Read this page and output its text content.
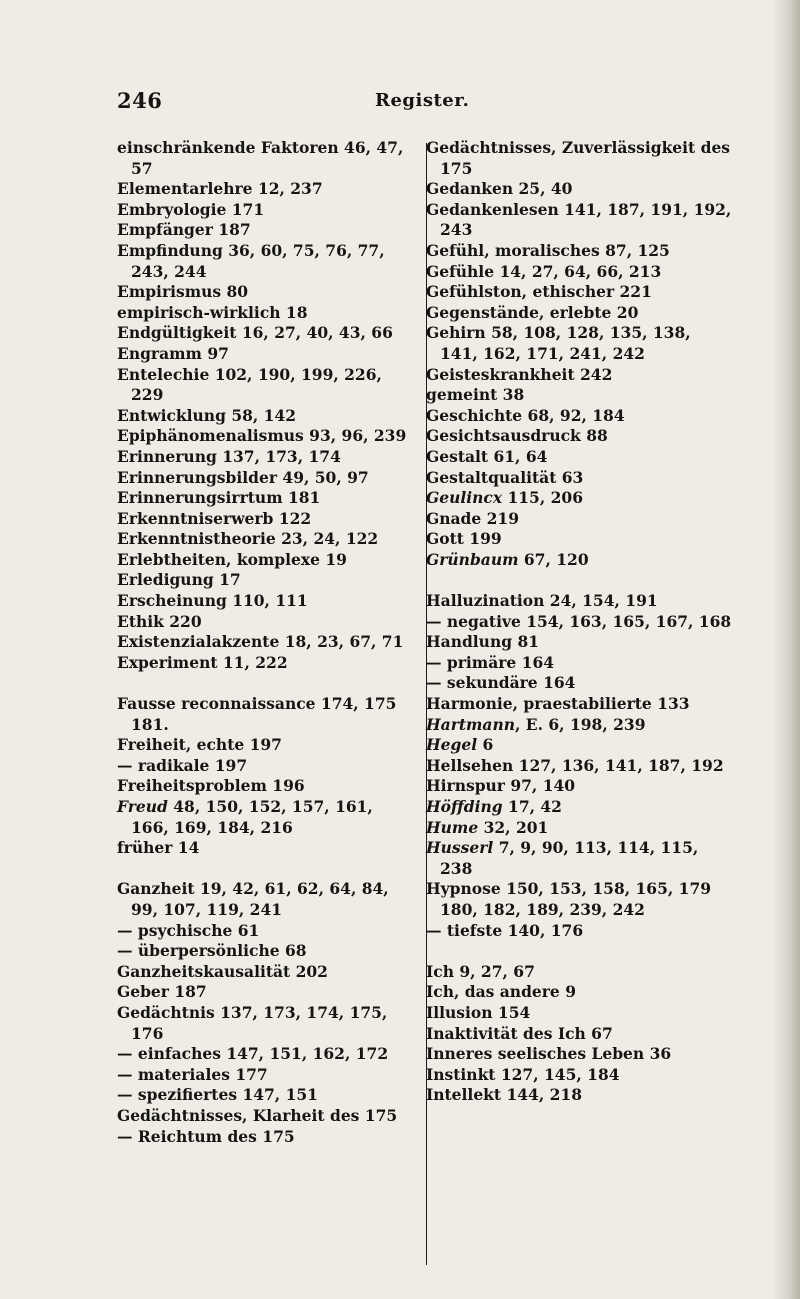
246	Register.

einschränkende Faktoren 46, 47, 57

Elementarlehre 12, 237

Embryologie 171

Empfänger 187

Empfindung 36, 60, 75, 76, 77, 243, 244

Empirismus 80

empirisch-wirklich 18

Endgültigkeit 16, 27, 40, 43, 66

Engramm 97

Entelechie 102, 190, 199, 226, 229

Entwicklung 58, 142

Epiphänomenalismus 93, 96, 239

Erinnerung 137, 173, 174

Erinnerungsbilder 49, 50, 97

Erinnerungsirrtum 181

Erkenntniserwerb 122

Erkenntnistheorie 23, 24, 122

Erlebtheiten, komplexe 19

Erledigung 17

Erscheinung 110, 111

Ethik 220

Existenzialakzente 18, 23, 67, 71

Experiment 11, 222

Fausse reconnaissance 174, 175 181.

Freiheit, echte 197

— radikale 197

Freiheitsproblem 196

Freud 48, 150, 152, 157, 161, 166, 169, 184, 216

früher 14

Ganzheit 19, 42, 61, 62, 64, 84, 99, 107, 119, 241

— psychische 61

— überpersönliche 68

Ganzheitskausalität 202

Geber 187

Gedächtnis 137, 173, 174, 175, 176

— einfaches 147, 151, 162, 172

— materiales 177

— spezifiertes 147, 151

Gedächtnisses, Klarheit des 175

— Reichtum des 175

Gedächtnisses, Zuverlässigkeit des 175

Gedanken 25, 40

Gedankenlesen 141, 187, 191, 192, 243

Gefühl, moralisches 87, 125

Gefühle 14, 27, 64, 66, 213

Gefühlston, ethischer 221

Gegenstände, erlebte 20

Gehirn 58, 108, 128, 135, 138, 141, 162, 171, 241, 242

Geisteskrankheit 242

gemeint 38

Geschichte 68, 92, 184

Gesichtsausdruck 88

Gestalt 61, 64

Gestaltqualität 63

Geulincx 115, 206

Gnade 219

Gott 199

Grünbaum 67, 120

Halluzination 24, 154, 191

— negative 154, 163, 165, 167, 168

Handlung 81

— primäre 164

— sekundäre 164

Harmonie, praestabilierte 133

Hartmann, E. 6, 198, 239

Hegel 6

Hellsehen 127, 136, 141, 187, 192

Hirnspur 97, 140

Höffding 17, 42

Hume 32, 201

Husserl 7, 9, 90, 113, 114, 115, 238

Hypnose 150, 153, 158, 165, 179 180, 182, 189, 239, 242

— tiefste 140, 176

Ich 9, 27, 67

Ich, das andere 9

Illusion 154

Inaktivität des Ich 67

Inneres seelisches Leben 36

Instinkt 127, 145, 184

Intellekt 144, 218
